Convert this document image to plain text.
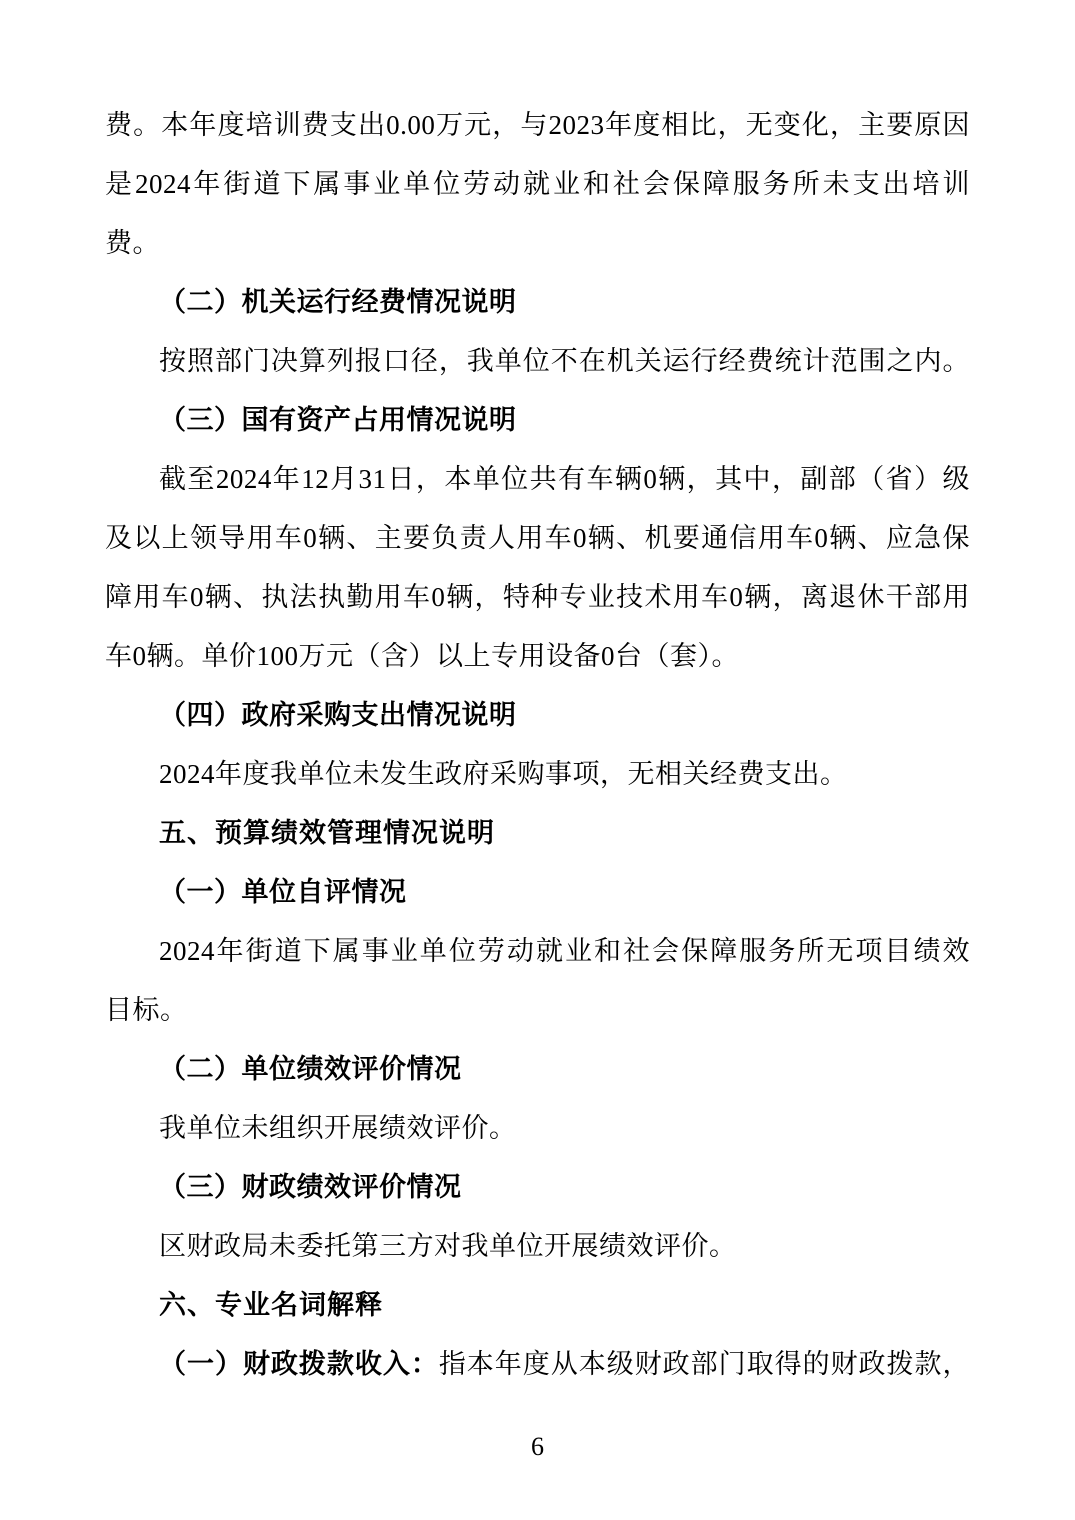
费。本年度培训费支出0.00万元，与2023年度相比，无变化，主要原因

是2024年街道下属事业单位劳动就业和社会保障服务所未支出培训

费。

（二）机关运行经费情况说明

按照部门决算列报口径，我单位不在机关运行经费统计范围之内。

（三）国有资产占用情况说明

截至2024年12月31日，本单位共有车辆0辆，其中，副部（省）级

及以上领导用车0辆、主要负责人用车0辆、机要通信用车0辆、应急保

障用车0辆、执法执勤用车0辆，特种专业技术用车0辆，离退休干部用

车0辆。单价100万元（含）以上专用设备0台（套）。

（四）政府采购支出情况说明

2024年度我单位未发生政府采购事项，无相关经费支出。

五、预算绩效管理情况说明

（一）单位自评情况

2024年街道下属事业单位劳动就业和社会保障服务所无项目绩效

目标。

（二）单位绩效评价情况

我单位未组织开展绩效评价。

（三）财政绩效评价情况

区财政局未委托第三方对我单位开展绩效评价。

六、专业名词解释

（一）财政拨款收入：指本年度从本级财政部门取得的财政拨款，

6
